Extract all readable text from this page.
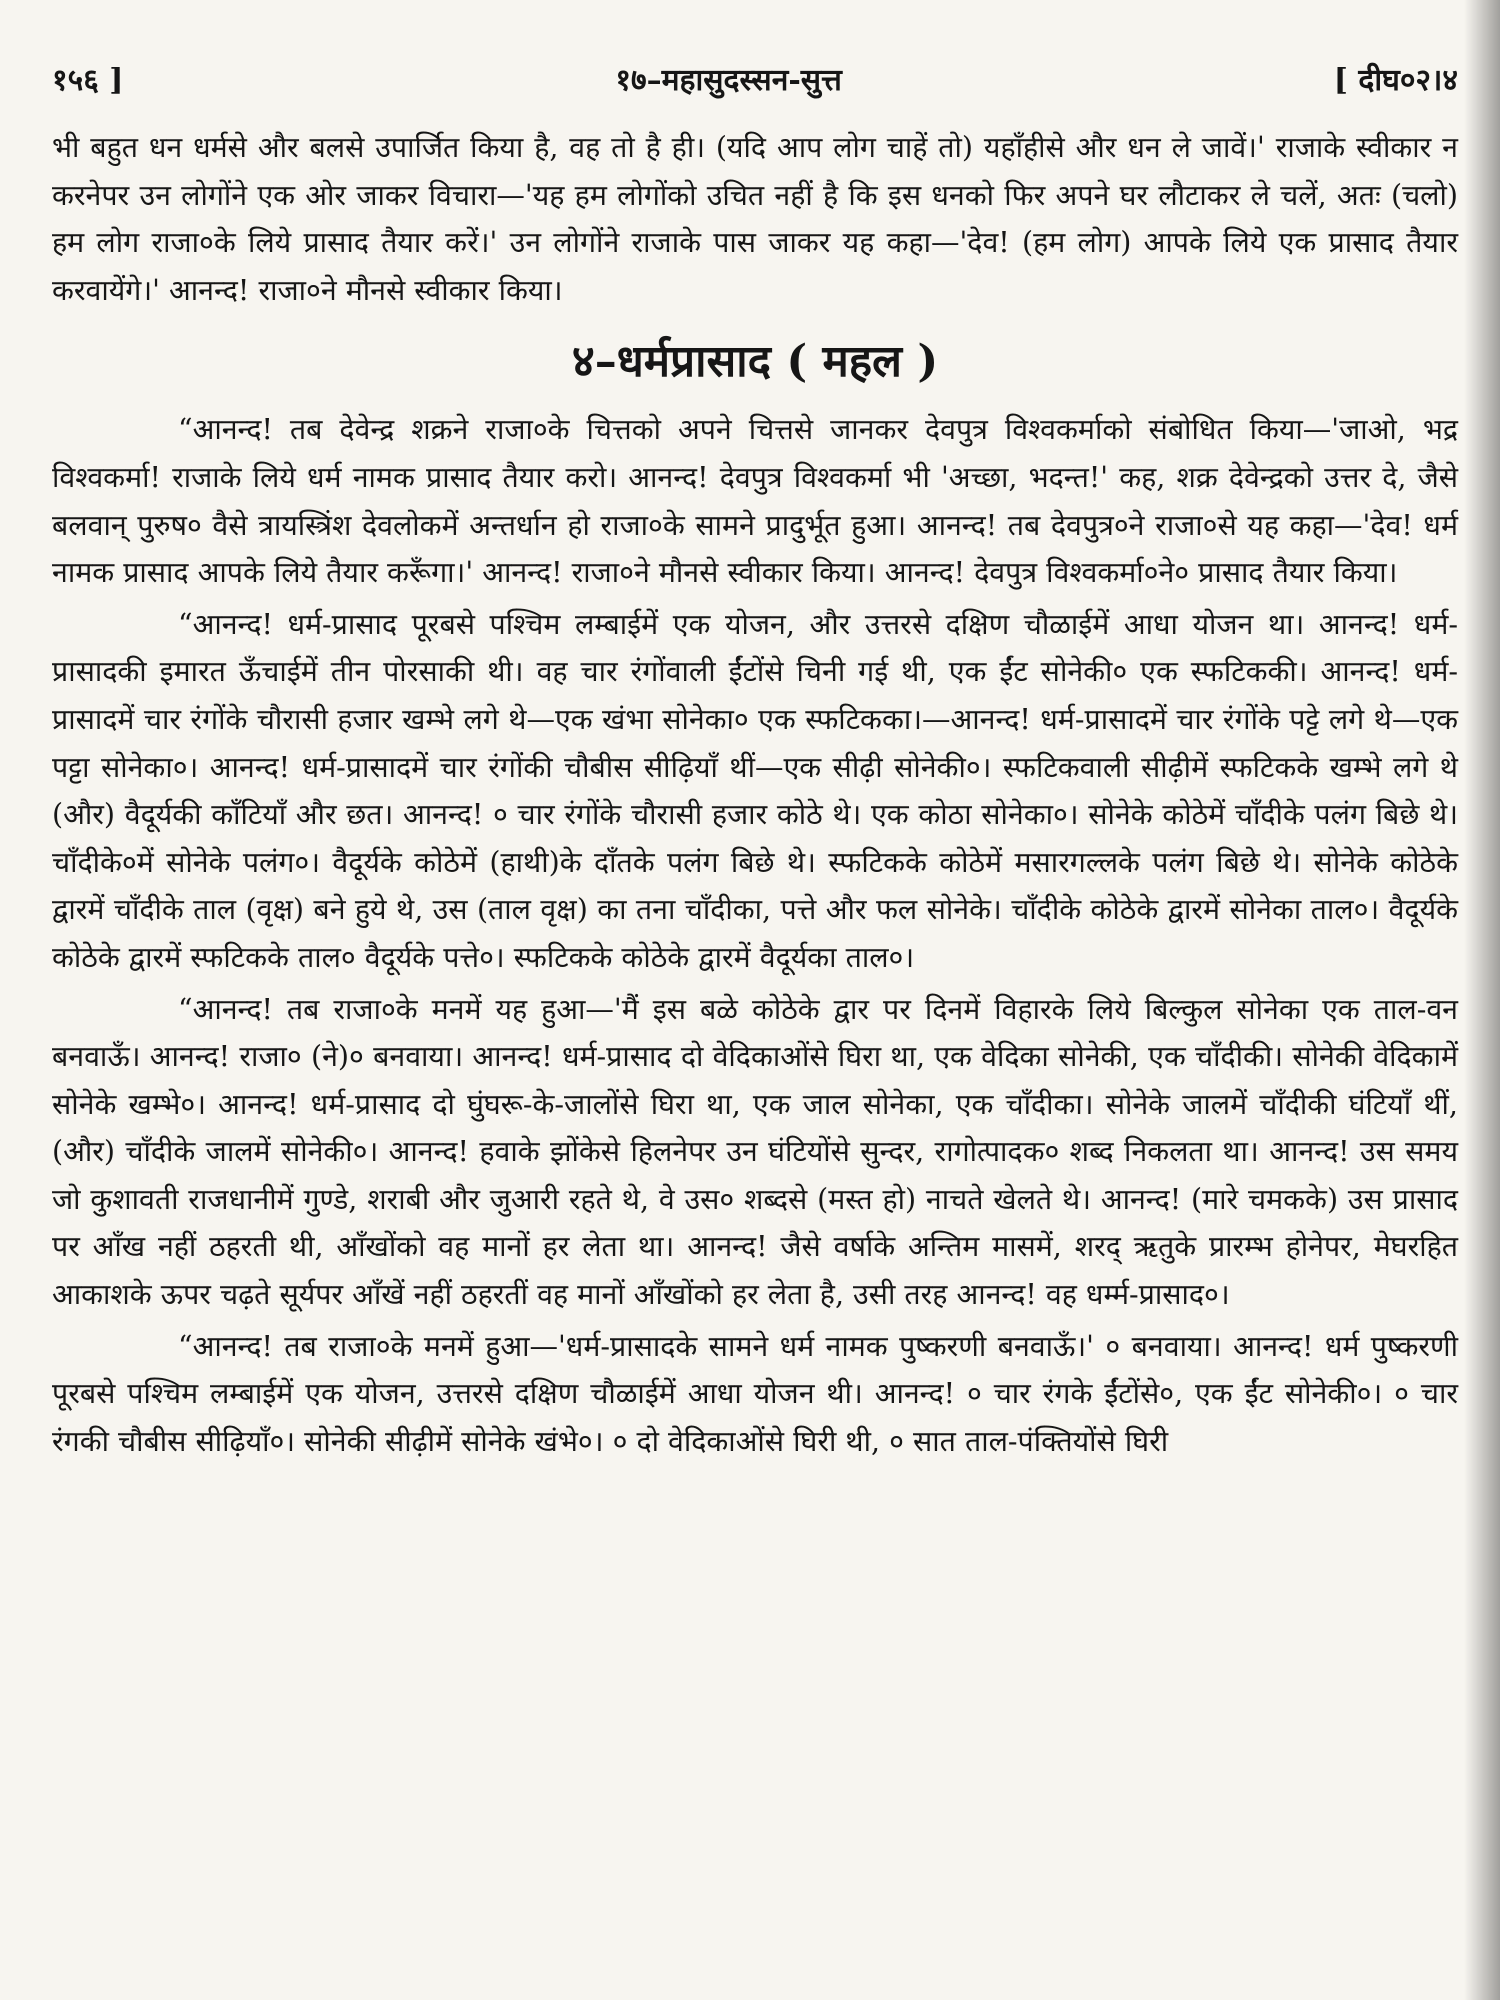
१५६ ]	१७–महासुदस्सन-सुत्त	[ दीघ०२।४

भी बहुत धन धर्मसे और बलसे उपार्जित किया है, वह तो है ही। (यदि आप लोग चाहें तो) यहाँहीसे और धन ले जावें।' राजाके स्वीकार न करनेपर उन लोगोंने एक ओर जाकर विचारा—'यह हम लोगोंको उचित नहीं है कि इस धनको फिर अपने घर लौटाकर ले चलें, अतः (चलो) हम लोग राजा०के लिये प्रासाद तैयार करें।' उन लोगोंने राजाके पास जाकर यह कहा—'देव! (हम लोग) आपके लिये एक प्रासाद तैयार करवायेंगे।' आनन्द! राजा०ने मौनसे स्वीकार किया।

४–धर्मप्रासाद ( महल )

“आनन्द! तब देवेन्द्र शक्रने राजा०के चित्तको अपने चित्तसे जानकर देवपुत्र विश्वकर्माको संबोधित किया—'जाओ, भद्र विश्वकर्मा! राजाके लिये धर्म नामक प्रासाद तैयार करो। आनन्द! देवपुत्र विश्वकर्मा भी 'अच्छा, भदन्त!' कह, शक्र देवेन्द्रको उत्तर दे, जैसे बलवान् पुरुष० वैसे त्रायस्त्रिंश देवलोकमें अन्तर्धान हो राजा०के सामने प्रादुर्भूत हुआ। आनन्द! तब देवपुत्र०ने राजा०से यह कहा—'देव! धर्म नामक प्रासाद आपके लिये तैयार करूँगा।' आनन्द! राजा०ने मौनसे स्वीकार किया। आनन्द! देवपुत्र विश्वकर्मा०ने० प्रासाद तैयार किया।

“आनन्द! धर्म-प्रासाद पूरबसे पश्चिम लम्बाईमें एक योजन, और उत्तरसे दक्षिण चौळाईमें आधा योजन था। आनन्द! धर्म-प्रासादकी इमारत ऊँचाईमें तीन पोरसाकी थी। वह चार रंगोंवाली ईंटोंसे चिनी गई थी, एक ईंट सोनेकी० एक स्फटिककी। आनन्द! धर्म-प्रासादमें चार रंगोंके चौरासी हजार खम्भे लगे थे—एक खंभा सोनेका० एक स्फटिकका।—आनन्द! धर्म-प्रासादमें चार रंगोंके पट्टे लगे थे—एक पट्टा सोनेका०। आनन्द! धर्म-प्रासादमें चार रंगोंकी चौबीस सीढ़ियाँ थीं—एक सीढ़ी सोनेकी०। स्फटिकवाली सीढ़ीमें स्फटिकके खम्भे लगे थे (और) वैदूर्यकी काँटियाँ और छत। आनन्द! ० चार रंगोंके चौरासी हजार कोठे थे। एक कोठा सोनेका०। सोनेके कोठेमें चाँदीके पलंग बिछे थे। चाँदीके०में सोनेके पलंग०। वैदूर्यके कोठेमें (हाथी)के दाँतके पलंग बिछे थे। स्फटिकके कोठेमें मसारगल्लके पलंग बिछे थे। सोनेके कोठेके द्वारमें चाँदीके ताल (वृक्ष) बने हुये थे, उस (ताल वृक्ष) का तना चाँदीका, पत्ते और फल सोनेके। चाँदीके कोठेके द्वारमें सोनेका ताल०। वैदूर्यके कोठेके द्वारमें स्फटिकके ताल० वैदूर्यके पत्ते०। स्फटिकके कोठेके द्वारमें वैदूर्यका ताल०।

“आनन्द! तब राजा०के मनमें यह हुआ—'मैं इस बळे कोठेके द्वार पर दिनमें विहारके लिये बिल्कुल सोनेका एक ताल-वन बनवाऊँ। आनन्द! राजा० (ने)० बनवाया। आनन्द! धर्म-प्रासाद दो वेदिकाओंसे घिरा था, एक वेदिका सोनेकी, एक चाँदीकी। सोनेकी वेदिकामें सोनेके खम्भे०। आनन्द! धर्म-प्रासाद दो घुंघरू-के-जालोंसे घिरा था, एक जाल सोनेका, एक चाँदीका। सोनेके जालमें चाँदीकी घंटियाँ थीं, (और) चाँदीके जालमें सोनेकी०। आनन्द! हवाके झोंकेसे हिलनेपर उन घंटियोंसे सुन्दर, रागोत्पादक० शब्द निकलता था। आनन्द! उस समय जो कुशावती राजधानीमें गुण्डे, शराबी और जुआरी रहते थे, वे उस० शब्दसे (मस्त हो) नाचते खेलते थे। आनन्द! (मारे चमकके) उस प्रासाद पर आँख नहीं ठहरती थी, आँखोंको वह मानों हर लेता था। आनन्द! जैसे वर्षाके अन्तिम मासमें, शरद् ऋतुके प्रारम्भ होनेपर, मेघरहित आकाशके ऊपर चढ़ते सूर्यपर आँखें नहीं ठहरतीं वह मानों आँखोंको हर लेता है, उसी तरह आनन्द! वह धर्म्म-प्रासाद०।

“आनन्द! तब राजा०के मनमें हुआ—'धर्म-प्रासादके सामने धर्म नामक पुष्करणी बनवाऊँ।' ० बनवाया। आनन्द! धर्म पुष्करणी पूरबसे पश्चिम लम्बाईमें एक योजन, उत्तरसे दक्षिण चौळाईमें आधा योजन थी। आनन्द! ० चार रंगके ईंटोंसे०, एक ईंट सोनेकी०। ० चार रंगकी चौबीस सीढ़ियाँ०। सोनेकी सीढ़ीमें सोनेके खंभे०। ० दो वेदिकाओंसे घिरी थी, ० सात ताल-पंक्तियोंसे घिरी
